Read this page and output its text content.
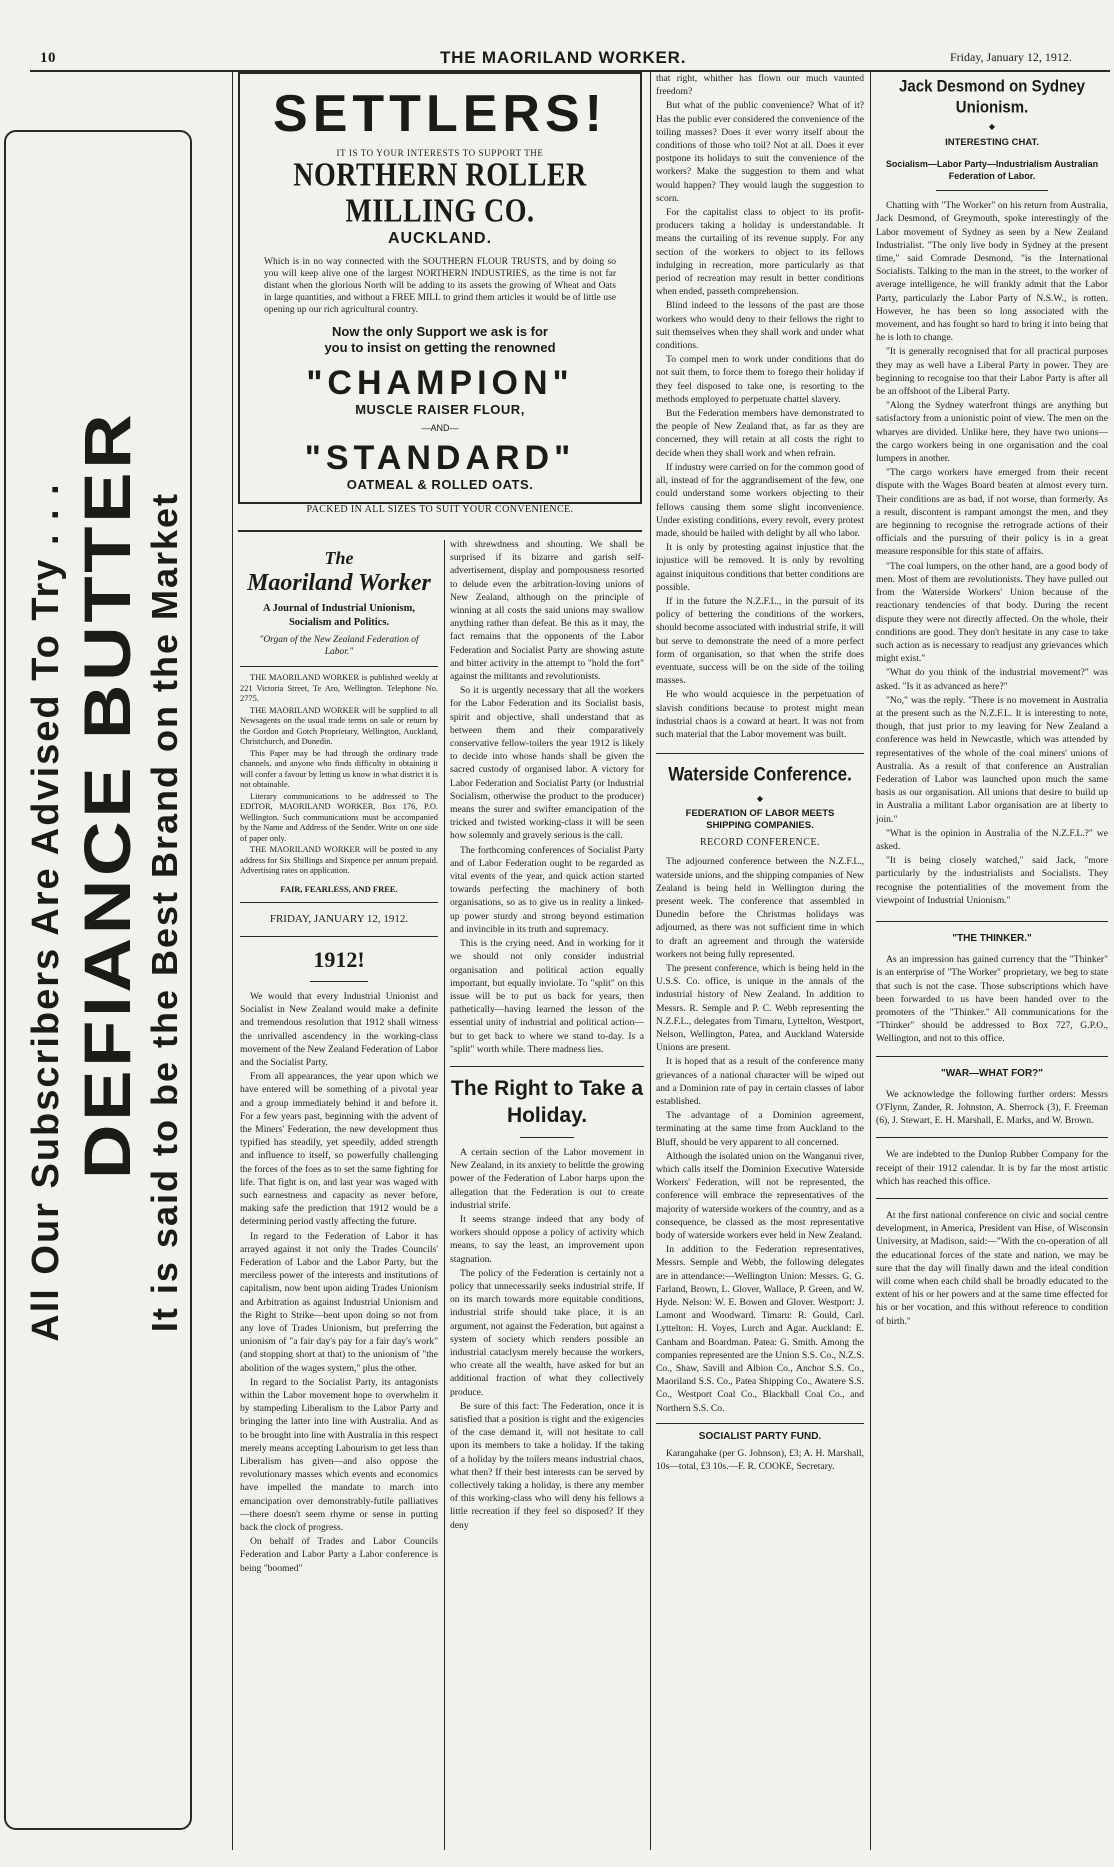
10	THE MAORILAND WORKER.	Friday, January 12, 1912.
All Our Subscribers Are Advised To Try . . . DEFIANCE BUTTER It is said to be the Best Brand on the Market
SETTLERS!
IT IS TO YOUR INTERESTS TO SUPPORT THE
NORTHERN ROLLER MILLING CO.
AUCKLAND.
Which is in no way connected with the SOUTHERN FLOUR TRUSTS, and by doing so you will keep alive one of the largest NORTHERN INDUSTRIES, as the time is not far distant when the glorious North will be adding to its assets the growing of Wheat and Oats in large quantities, and without a FREE MILL to grind them articles it would be of little use opening up our rich agricultural country.
Now the only Support we ask is for
you to insist on getting the renowned
"CHAMPION"
MUSCLE RAISER FLOUR,
—AND—
"STANDARD"
OATMEAL & ROLLED OATS.
PACKED IN ALL SIZES TO SUIT YOUR CONVENIENCE.
The
Maoriland Worker
A Journal of Industrial Unionism,
Socialism and Politics.
"Organ of the New Zealand Federation of Labor."

THE MAORILAND WORKER is published weekly at 221 Victoria Street, Te Aro, Wellington. Telephone No. 2775.

THE MAORILAND WORKER will be supplied to all Newsagents on the usual trade terms on sale or return by the Gordon and Gotch Proprietary, Wellington, Auckland, Christchurch, and Dunedin.

This Paper may be had through the ordinary trade channels, and anyone who finds difficulty in obtaining it will confer a favour by letting us know in what district it is not obtainable.

Literary communications to be addressed to The EDITOR, MAORILAND WORKER, Box 176, P.O. Wellington. Such communications must be accompanied by the Name and Address of the Sender. Write on one side of paper only.

THE MAORILAND WORKER will be posted to any address for Six Shillings and Sixpence per annum prepaid. Advertising rates on application.

FAIR, FEARLESS, AND FREE.
FRIDAY, JANUARY 12, 1912.
1912!

We would that every Industrial Unionist and Socialist in New Zealand would make a definite and tremendous resolution that 1912 shall witness the unrivalled ascendency in the working-class movement of the New Zealand Federation of Labor and the Socialist Party.

From all appearances, the year upon which we have entered will be something of a pivotal year and a group immediately behind it and before it. For a few years past, beginning with the advent of the Miners' Federation, the new development thus typified has steadily, yet speedily, added strength and influence to itself, so powerfully challenging the forces of the foes as to set the same fighting for life. That fight is on, and last year was waged with such earnestness and capacity as never before, making safe the prediction that 1912 would be a determining period vastly affecting the future.

In regard to the Federation of Labor it has arrayed against it not only the Trades Councils' Federation of Labor and the Labor Party, but the merciless power of the interests and institutions of capitalism, now bent upon aiding Trades Unionism and Arbitration as against Industrial Unionism and the Right to Strike—bent upon doing so not from any love of Trades Unionism, but preferring the unionism of "a fair day's pay for a fair day's work" (and stopping short at that) to the unionism of "the abolition of the wages system," plus the other.

In regard to the Socialist Party, its antagonists within the Labor movement hope to overwhelm it by stampeding Liberalism to the Labor Party and bringing the latter into line with Australia. And as to be brought into line with Australia in this respect merely means accepting Labourism to get less than Liberalism has given—and also oppose the revolutionary masses which events and economics have impelled the mandate to march into emancipation over demonstrably-futile palliatives—there doesn't seem rhyme or sense in putting back the clock of progress.

On behalf of Trades and Labor Councils Federation and Labor Party a Labor conference is being "boomed"

with shrewdness and shouting. We shall be surprised if its bizarre and garish self-advertisement, display and pompousness resorted to delude even the arbitration-loving unions of New Zealand, although on the principle of winning at all costs the said unions may swallow anything rather than defeat. Be this as it may, the fact remains that the opponents of the Labor Federation and Socialist Party are showing astute and bitter activity in the attempt to "hold the fort" against the militants and revolutionists.

So it is urgently necessary that all the workers for the Labor Federation and its Socialist basis, spirit and objective, shall understand that as between them and their comparatively conservative fellow-toilers the year 1912 is likely to decide into whose hands shall be given the sacred custody of organised labor. A victory for Labor Federation and Socialist Party (or Industrial Socialism, otherwise the product to the producer) means the surer and swifter emancipation of the tricked and twisted working-class it will be seen how solemnly and gravely serious is the call.

The forthcoming conferences of Socialist Party and of Labor Federation ought to be regarded as vital events of the year, and quick action started towards perfecting the machinery of both organisations, so as to give us in reality a linked-up power sturdy and strong beyond estimation and invincible in its truth and supremacy.

This is the crying need. And in working for it we should not only consider industrial organisation and political action equally important, but equally inviolate. To "split" on this issue will be to put us back for years, then pathetically—having learned the lesson of the essential unity of industrial and political action—but to get back to where we stand to-day. Is a "split" worth while. There madness lies.

The Right to Take a Holiday.

A certain section of the Labor movement in New Zealand, in its anxiety to belittle the growing power of the Federation of Labor harps upon the allegation that the Federation is out to create industrial strife.

It seems strange indeed that any body of workers should oppose a policy of activity which means, to say the least, an improvement upon stagnation.

The policy of the Federation is certainly not a policy that unnecessarily seeks industrial strife. If on its march towards more equitable conditions, industrial strife should take place, it is an argument, not against the Federation, but against a system of society which renders possible an industrial cataclysm merely because the workers, who create all the wealth, have asked for but an additional fraction of what they collectively produce.

Be sure of this fact: The Federation, once it is satisfied that a position is right and the exigencies of the case demand it, will not hesitate to call upon its members to take a holiday. If the taking of a holiday by the toilers means industrial chaos, what then? If their best interests can be served by collectively taking a holiday, is there any member of this working-class who will deny his fellows a little recreation if they feel so disposed? If they deny

that right, whither has flown our much vaunted freedom?

But what of the public convenience? What of it? Has the public ever considered the convenience of the toiling masses? Does it ever worry itself about the conditions of those who toil? Not at all. Does it ever postpone its holidays to suit the convenience of the workers? Make the suggestion to them and what would happen? They would laugh the suggestion to scorn.

For the capitalist class to object to its profit-producers taking a holiday is understandable. It means the curtailing of its revenue supply. For any section of the workers to object to its fellows indulging in recreation, more particularly as that period of recreation may result in better conditions when ended, passeth comprehension.

Blind indeed to the lessons of the past are those workers who would deny to their fellows the right to suit themselves when they shall work and under what conditions.

To compel men to work under conditions that do not suit them, to force them to forego their holiday if they feel disposed to take one, is resorting to the methods employed to perpetuate chattel slavery.

But the Federation members have demonstrated to the people of New Zealand that, as far as they are concerned, they will retain at all costs the right to decide when they shall work and when refrain.

If industry were carried on for the common good of all, instead of for the aggrandisement of the few, one could understand some workers objecting to their fellows causing them some slight inconvenience. Under existing conditions, every revolt, every protest made, should be hailed with delight by all who labor.

It is only by protesting against injustice that the injustice will be removed. It is only by revolting against iniquitous conditions that better conditions are possible.

If in the future the N.Z.F.L., in the pursuit of its policy of bettering the conditions of the workers, should become associated with industrial strife, it will but serve to demonstrate the need of a more perfect form of organisation, so that when the strife does eventuate, success will be on the side of the toiling masses.

He who would acquiesce in the perpetuation of slavish conditions because to protest might mean industrial chaos is a coward at heart. It was not from such material that the Labor movement was built.

Waterside Conference.
◆
FEDERATION OF LABOR MEETS SHIPPING COMPANIES.
RECORD CONFERENCE.

The adjourned conference between the N.Z.F.L., waterside unions, and the shipping companies of New Zealand is being held in Wellington during the present week. The conference that assembled in Dunedin before the Christmas holidays was adjourned, as there was not sufficient time in which to draft an agreement and through the waterside workers not being fully represented.

The present conference, which is being held in the U.S.S. Co. office, is unique in the annals of the industrial history of New Zealand. In addition to Messrs. R. Semple and P. C. Webb representing the N.Z.F.L., delegates from Timaru, Lyttelton, Westport, Nelson, Wellington, Patea, and Auckland Waterside Unions are present.

It is hoped that as a result of the conference many grievances of a national character will be wiped out and a Dominion rate of pay in certain classes of labor established.

The advantage of a Dominion agreement, terminating at the same time from Auckland to the Bluff, should be very apparent to all concerned.

Although the isolated union on the Wanganui river, which calls itself the Dominion Executive Waterside Workers' Federation, will not be represented, the conference will embrace the representatives of the majority of waterside workers of the country, and as a consequence, be classed as the most representative body of waterside workers ever held in New Zealand.

In addition to the Federation representatives, Messrs. Semple and Webb, the following delegates are in attendance:—Wellington Union: Messrs. G. G. Farland, Brown, L. Glover, Wallace, P. Green, and W. Hyde. Nelson: W. E. Bowen and Glover. Westport: J. Lamont and Woodward. Timaru: R. Gould, Carl. Lyttelton: H. Voyes, Lurch and Agar. Auckland: E. Canham and Boardman. Patea: G. Smith. Among the companies represented are the Union S.S. Co., N.Z.S. Co., Shaw, Savill and Albion Co., Anchor S.S. Co., Maoriland S.S. Co., Patea Shipping Co., Awatere S.S. Co., Westport Coal Co., Blackball Coal Co., and Northern S.S. Co.

SOCIALIST PARTY FUND.

Karangahake (per G. Johnson), £3; A. H. Marshall, 10s—total, £3 10s.—F. R. COOKE, Secretary.

Jack Desmond on Sydney Unionism.
◆
INTERESTING CHAT.
Socialism—Labor Party—Industrialism Australian Federation of Labor.

Chatting with "The Worker" on his return from Australia, Jack Desmond, of Greymouth, spoke interestingly of the Labor movement of Sydney as seen by a New Zealand Industrialist. "The only live body in Sydney at the present time," said Comrade Desmond, "is the International Socialists. Talking to the man in the street, to the worker of average intelligence, he will frankly admit that the Labor Party, particularly the Labor Party of N.S.W., is rotten. However, he has been so long associated with the movement, and has fought so hard to bring it into being that he is loth to change.

"It is generally recognised that for all practical purposes they may as well have a Liberal Party in power. They are beginning to recognise too that their Labor Party is after all be an offshoot of the Liberal Party.

"Along the Sydney waterfront things are anything but satisfactory from a unionistic point of view. The men on the wharves are divided. Unlike here, they have two unions—the cargo workers being in one organisation and the coal lumpers in another.

"The cargo workers have emerged from their recent dispute with the Wages Board beaten at almost every turn. Their conditions are as bad, if not worse, than formerly. As a result, discontent is rampant amongst the men, and they are beginning to recognise the retrograde actions of their officials and the pursuing of their policy is in a great measure responsible for this state of affairs.

"The coal lumpers, on the other hand, are a good body of men. Most of them are revolutionists. They have pulled out from the Waterside Workers' Union because of the reactionary tendencies of that body. During the recent dispute they were not directly affected. On the whole, their conditions are good. They don't hesitate in any case to take such action as is necessary to readjust any grievances which might exist."

"What do you think of the industrial movement?" was asked. "Is it as advanced as here?"

"No," was the reply. "There is no movement in Australia at the present such as the N.Z.F.L. It is interesting to note, though, that just prior to my leaving for New Zealand a conference was held in Newcastle, which was attended by representatives of the whole of the coal miners' unions of Australia. As a result of that conference an Australian Federation of Labor was launched upon much the same basis as our organisation. All unions that desire to build up in Australia a militant Labor organisation are at liberty to join."

"What is the opinion in Australia of the N.Z.F.L.?" we asked.

"It is being closely watched," said Jack, "more particularly by the industrialists and Socialists. They recognise the potentialities of the movement from the viewpoint of Industrial Unionism."

"THE THINKER."

As an impression has gained currency that the "Thinker" is an enterprise of "The Worker" proprietary, we beg to state that such is not the case. Those subscriptions which have been forwarded to us have been handed over to the promoters of the "Thinker." All communications for the "Thinker" should be addressed to Box 727, G.P.O., Wellington, and not to this office.

"WAR—WHAT FOR?"

We acknowledge the following further orders: Messrs O'Flynn, Zander, R. Johnston, A. Sherrock (3), F. Freeman (6), J. Stewart, E. H. Marshall, E. Marks, and W. Brown.

We are indebted to the Dunlop Rubber Company for the receipt of their 1912 calendar. It is by far the most artistic which has reached this office.

At the first national conference on civic and social centre development, in America, President van Hise, of Wisconsin University, at Madison, said:—"With the co-operation of all the educational forces of the state and nation, we may be sure that the day will finally dawn and the ideal condition will come when each child shall be broadly educated to the extent of his or her powers and at the same time effected for his or her vocation, and this without reference to condition of birth."
